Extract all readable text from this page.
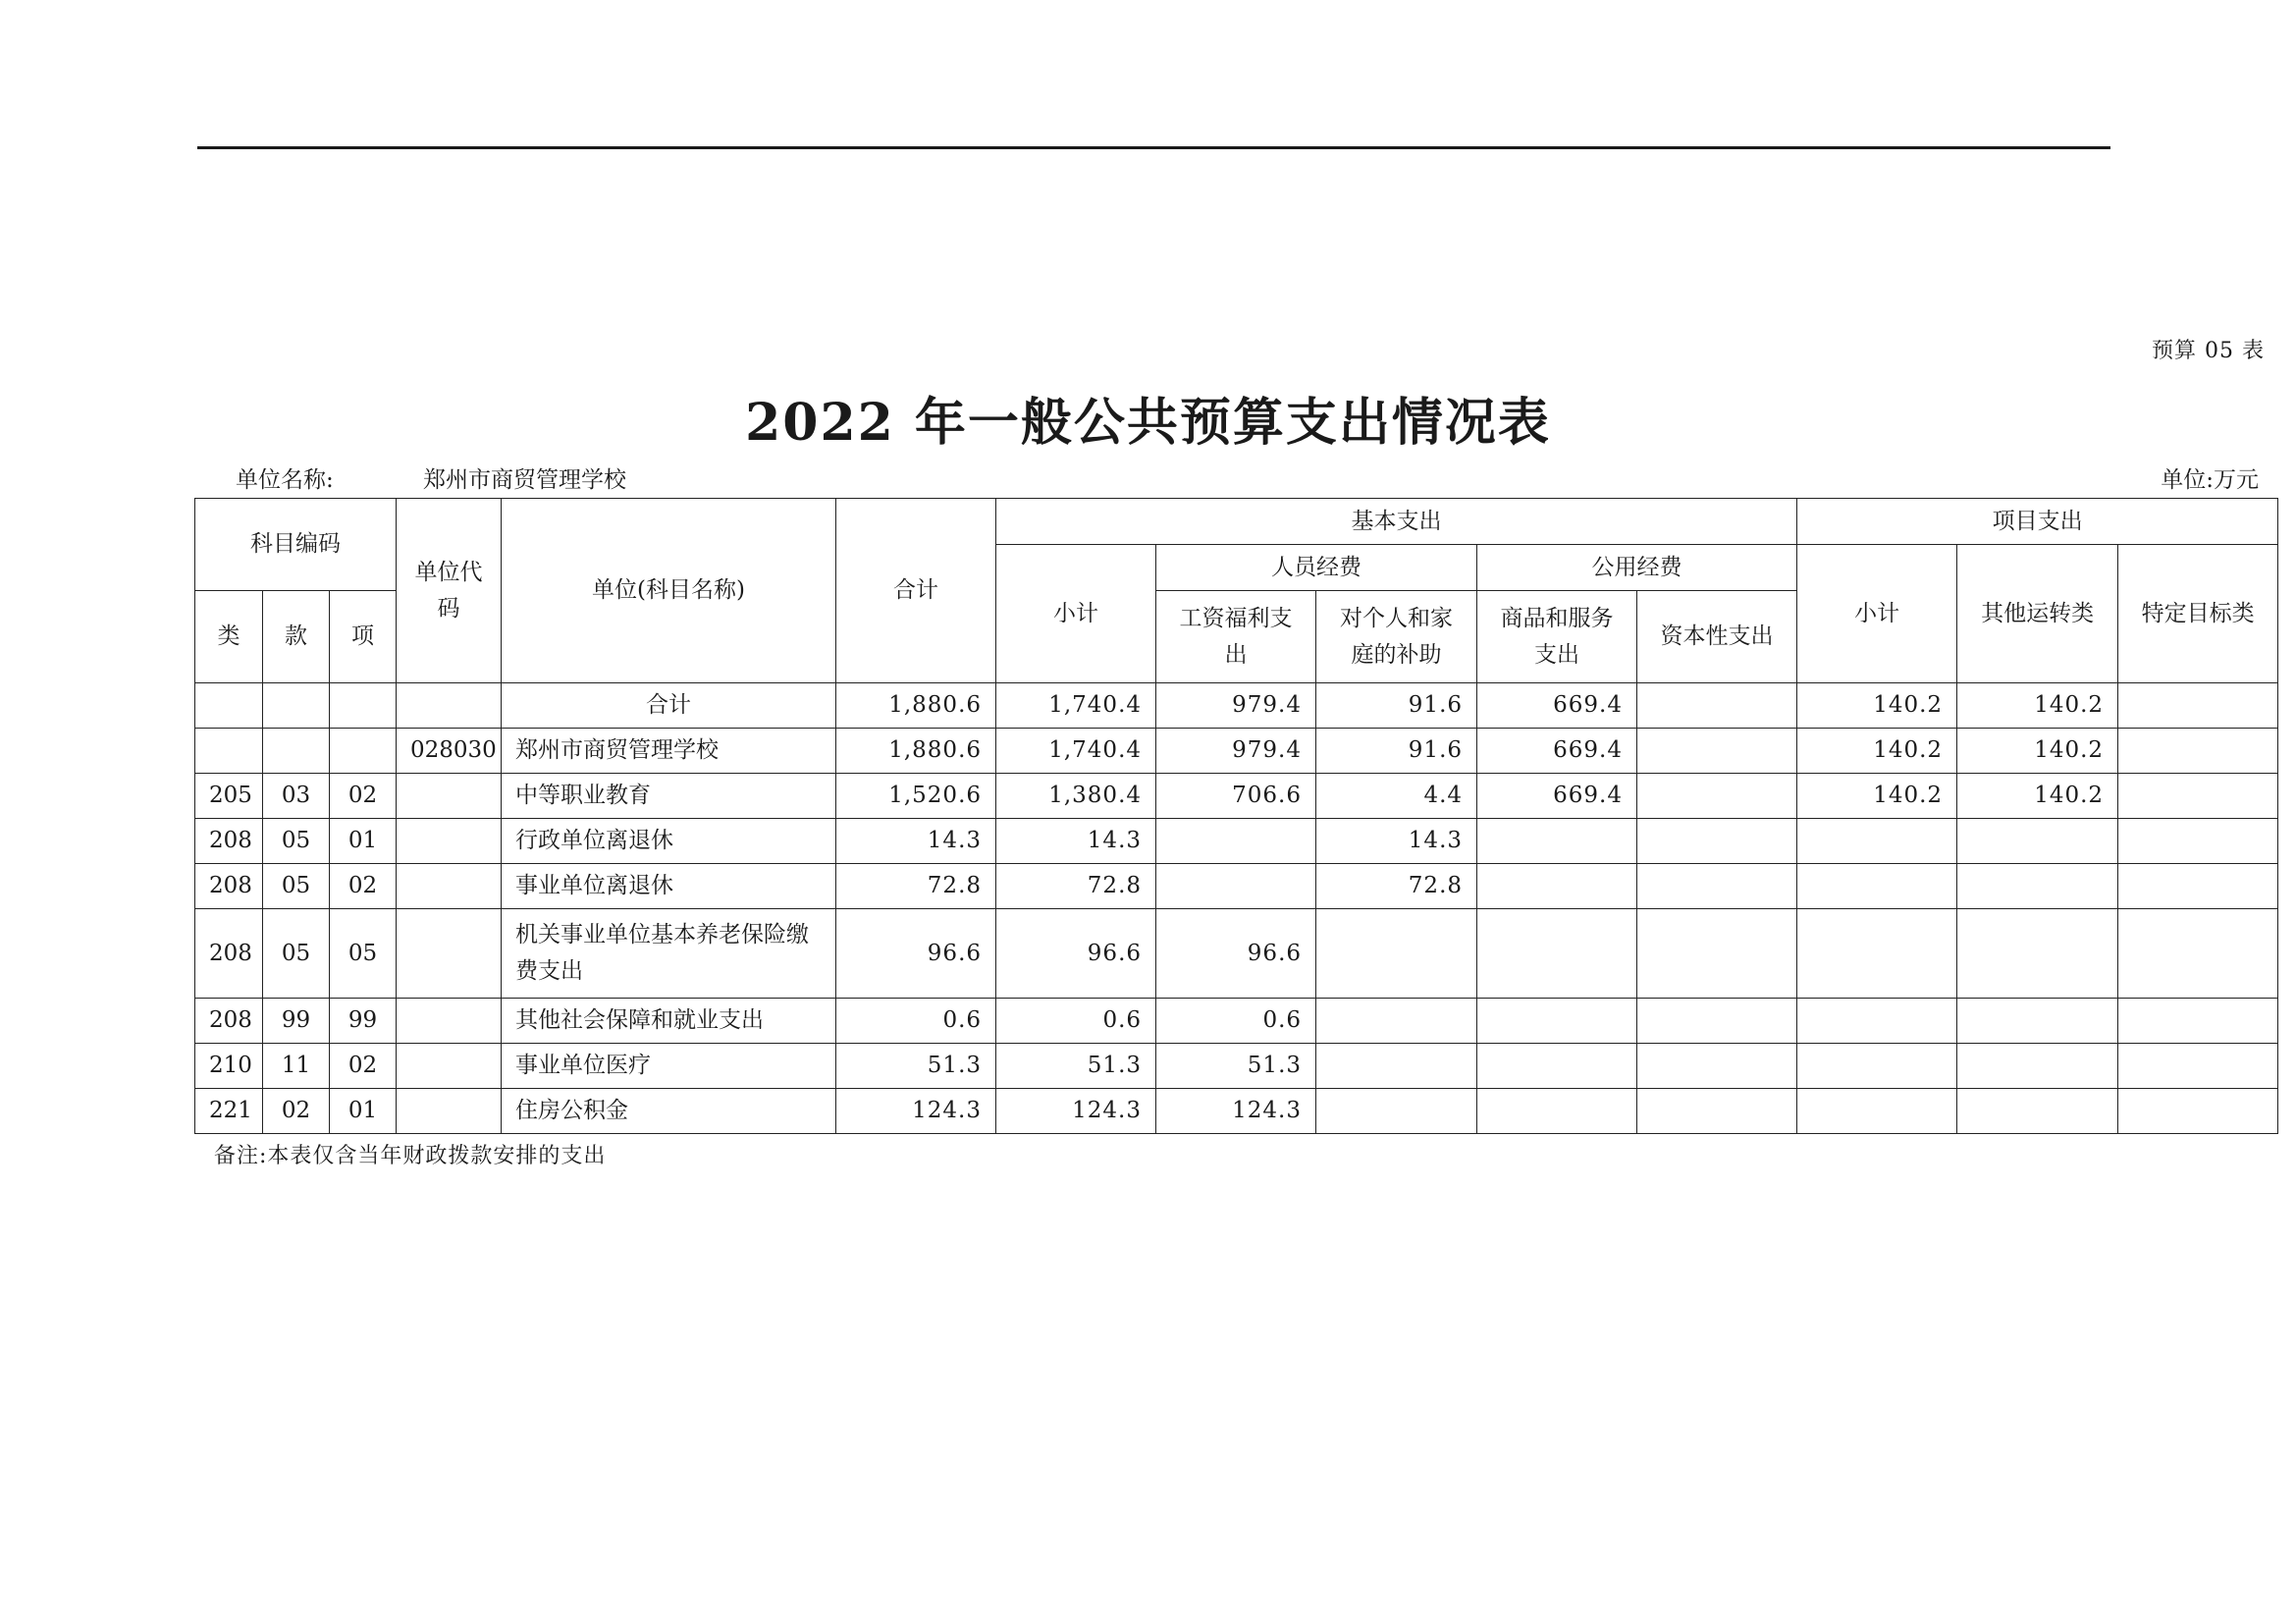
预算 05 表
2022 年一般公共预算支出情况表
单位名称:	郑州市商贸管理学校	单位:万元
科目编码			单位代码	单位(科目名称)	合计	基本支出					项目支出		
						小计	人员经费		公用经费		小计	其他运转类	特定目标类
类	款	项					工资福利支出	对个人和家庭的补助	商品和服务支出	资本性支出			
				合计	1,880.6	1,740.4	979.4	91.6	669.4		140.2	140.2	
			028030	郑州市商贸管理学校	1,880.6	1,740.4	979.4	91.6	669.4		140.2	140.2	
205	03	02		中等职业教育	1,520.6	1,380.4	706.6	4.4	669.4		140.2	140.2	
208	05	01		行政单位离退休	14.3	14.3		14.3					
208	05	02		事业单位离退休	72.8	72.8		72.8					
208	05	05		机关事业单位基本养老保险缴费支出	96.6	96.6	96.6						
208	99	99		其他社会保障和就业支出	0.6	0.6	0.6						
210	11	02		事业单位医疗	51.3	51.3	51.3						
221	02	01		住房公积金	124.3	124.3	124.3						
备注:本表仅含当年财政拨款安排的支出
